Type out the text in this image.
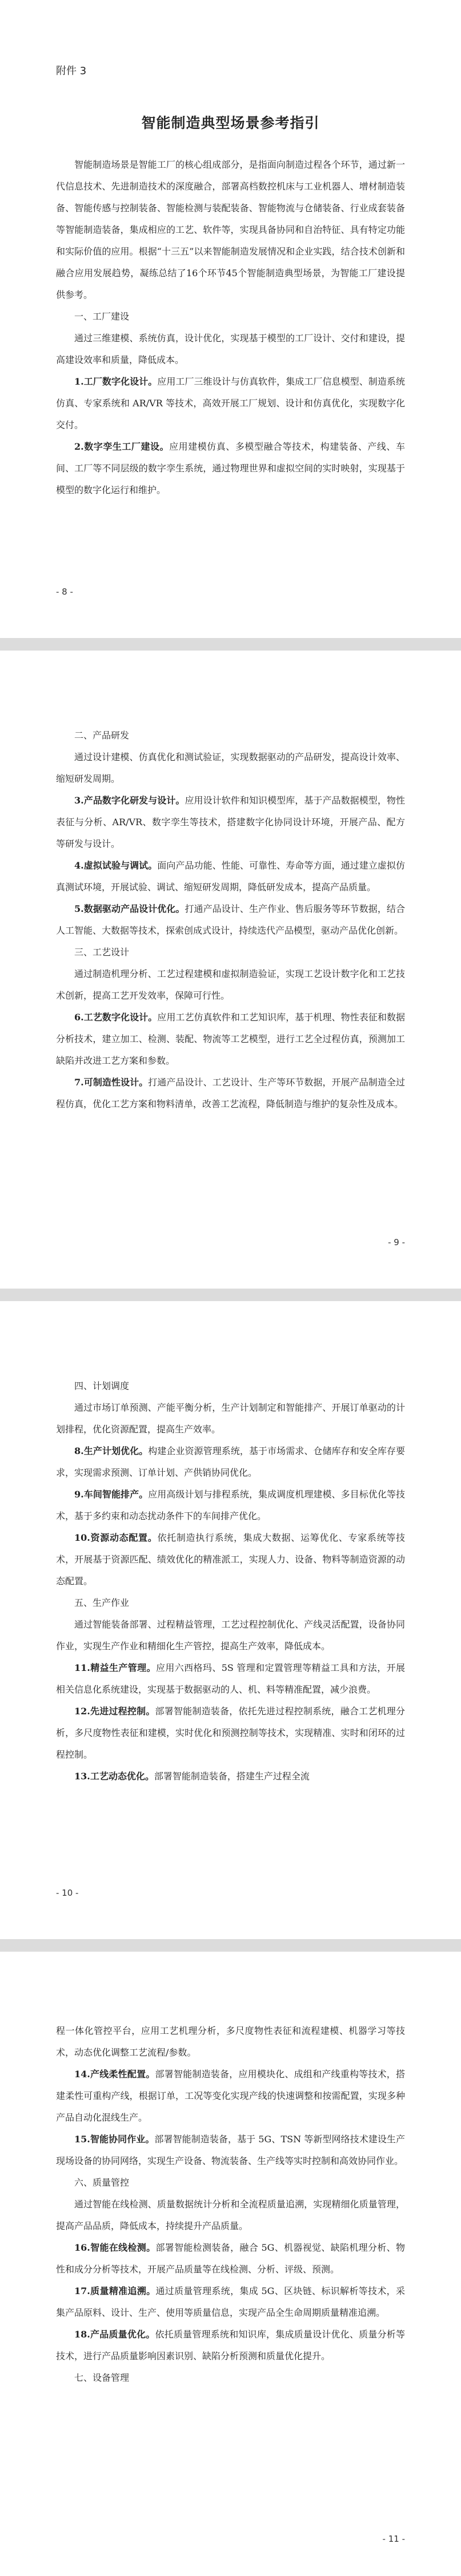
附件 3
智能制造典型场景参考指引

智能制造场景是智能工厂的核心组成部分，是指面向制造过程各个环节，通过新一代信息技术、先进制造技术的深度融合，部署高档数控机床与工业机器人、增材制造装备、智能传感与控制装备、智能检测与装配装备、智能物流与仓储装备、行业成套装备等智能制造装备，集成相应的工艺、软件等，实现具备协同和自治特征、具有特定功能和实际价值的应用。根据“十三五”以来智能制造发展情况和企业实践，结合技术创新和融合应用发展趋势，凝练总结了16个环节45个智能制造典型场景，为智能工厂建设提供参考。

一、工厂建设

通过三维建模、系统仿真，设计优化，实现基于模型的工厂设计、交付和建设，提高建设效率和质量，降低成本。

1.工厂数字化设计。应用工厂三维设计与仿真软件，集成工厂信息模型、制造系统仿真、专家系统和 AR/VR 等技术，高效开展工厂规划、设计和仿真优化，实现数字化交付。

2.数字孪生工厂建设。应用建模仿真、多模型融合等技术，构建装备、产线、车间、工厂等不同层级的数字孪生系统，通过物理世界和虚拟空间的实时映射，实现基于模型的数字化运行和维护。

- 8 -

二、产品研发

通过设计建模、仿真优化和测试验证，实现数据驱动的产品研发，提高设计效率、缩短研发周期。

3.产品数字化研发与设计。应用设计软件和知识模型库，基于产品数据模型，物性表征与分析、AR/VR、数字孪生等技术，搭建数字化协同设计环境，开展产品、配方等研发与设计。

4.虚拟试验与调试。面向产品功能、性能、可靠性、寿命等方面，通过建立虚拟仿真测试环境，开展试验、调试、缩短研发周期，降低研发成本，提高产品质量。

5.数据驱动产品设计优化。打通产品设计、生产作业、售后服务等环节数据，结合人工智能、大数据等技术，探索创成式设计，持续迭代产品模型，驱动产品优化创新。

三、工艺设计

通过制造机理分析、工艺过程建模和虚拟制造验证，实现工艺设计数字化和工艺技术创新，提高工艺开发效率，保障可行性。

6.工艺数字化设计。应用工艺仿真软件和工艺知识库，基于机理、物性表征和数据分析技术，建立加工、检测、装配、物流等工艺模型，进行工艺全过程仿真，预测加工缺陷并改进工艺方案和参数。

7.可制造性设计。打通产品设计、工艺设计、生产等环节数据，开展产品制造全过程仿真，优化工艺方案和物料清单，改善工艺流程，降低制造与维护的复杂性及成本。

- 9 -

四、计划调度

通过市场订单预测、产能平衡分析，生产计划制定和智能排产、开展订单驱动的计划排程，优化资源配置，提高生产效率。

8.生产计划优化。构建企业资源管理系统，基于市场需求、仓储库存和安全库存要求，实现需求预测、订单计划、产供销协同优化。

9.车间智能排产。应用高级计划与排程系统，集成调度机理建模、多目标优化等技术，基于多约束和动态扰动条件下的车间排产优化。

10.资源动态配置。依托制造执行系统，集成大数据、运筹优化、专家系统等技术，开展基于资源匹配、绩效优化的精准派工，实现人力、设备、物料等制造资源的动态配置。

五、生产作业

通过智能装备部署、过程精益管理，工艺过程控制优化、产线灵活配置，设备协同作业，实现生产作业和精细化生产管控，提高生产效率，降低成本。

11.精益生产管理。应用六西格玛、5S 管理和定置管理等精益工具和方法，开展相关信息化系统建设，实现基于数据驱动的人、机、料等精准配置，减少浪费。

12.先进过程控制。部署智能制造装备，依托先进过程控制系统，融合工艺机理分析，多尺度物性表征和建模，实时优化和预测控制等技术，实现精准、实时和闭环的过程控制。

13.工艺动态优化。部署智能制造装备，搭建生产过程全流

- 10 -

程一体化管控平台，应用工艺机理分析，多尺度物性表征和流程建模、机器学习等技术，动态优化调整工艺流程/参数。

14.产线柔性配置。部署智能制造装备，应用模块化、成组和产线重构等技术，搭建柔性可重构产线，根据订单，工况等变化实现产线的快速调整和按需配置，实现多种产品自动化混线生产。

15.智能协同作业。部署智能制造装备，基于 5G、TSN 等新型网络技术建设生产现场设备的协同网络，实现生产设备、物流装备、生产线等实时控制和高效协同作业。

六、质量管控

通过智能在线检测、质量数据统计分析和全流程质量追溯，实现精细化质量管理，提高产品品质，降低成本，持续提升产品质量。

16.智能在线检测。部署智能检测装备，融合 5G、机器视觉、缺陷机理分析、物性和成分分析等技术，开展产品质量等在线检测、分析、评级、预测。

17.质量精准追溯。通过质量管理系统，集成 5G、区块链、标识解析等技术，采集产品原料、设计、生产、使用等质量信息，实现产品全生命周期质量精准追溯。

18.产品质量优化。依托质量管理系统和知识库，集成质量设计优化、质量分析等技术，进行产品质量影响因素识别、缺陷分析预测和质量优化提升。

七、设备管理

- 11 -
